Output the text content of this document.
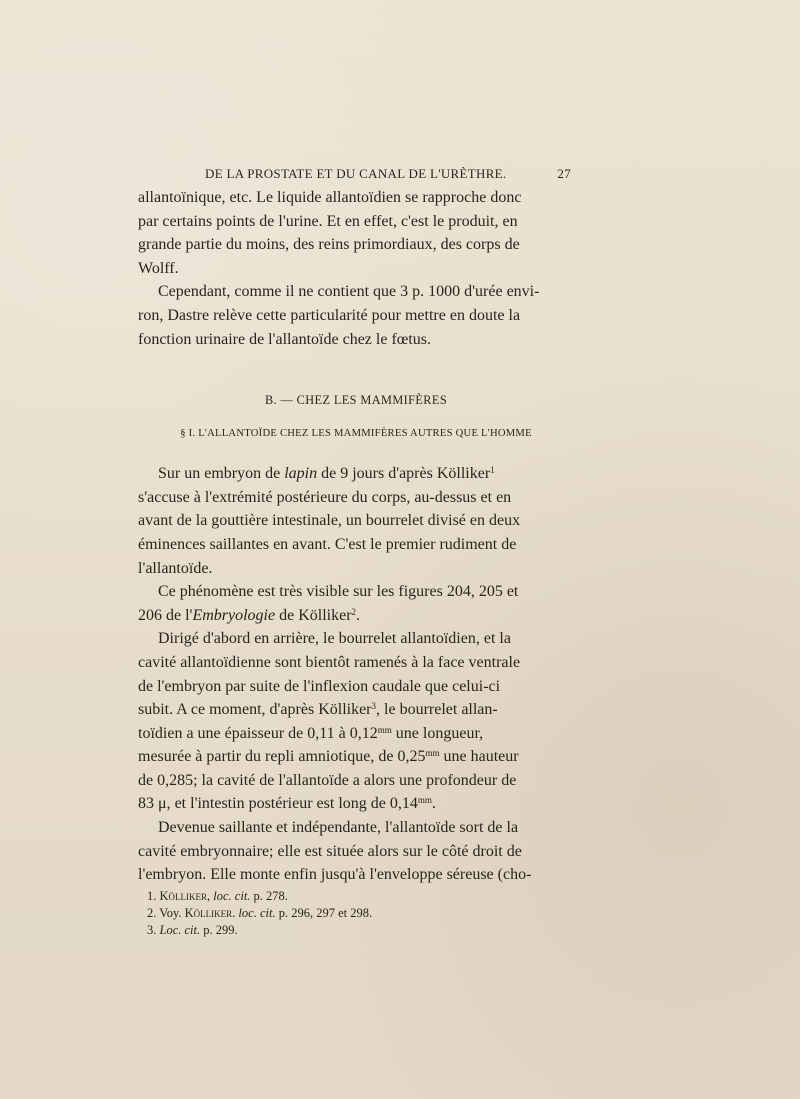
DE LA PROSTATE ET DU CANAL DE L'URÈTHRE.	27

allantoïnique, etc. Le liquide allantoïdien se rapproche donc
par certains points de l'urine. Et en effet, c'est le produit, en
grande partie du moins, des reins primordiaux, des corps de
Wolff.

Cependant, comme il ne contient que 3 p. 1000 d'urée envi-
ron, Dastre relève cette particularité pour mettre en doute la
fonction urinaire de l'allantoïde chez le fœtus.

B. — CHEZ LES MAMMIFÈRES
§ I. L'ALLANTOÏDE CHEZ LES MAMMIFÈRES AUTRES QUE L'HOMME

Sur un embryon de lapin de 9 jours d'après Kölliker$^1$
s'accuse à l'extrémité postérieure du corps, au-dessus et en
avant de la gouttière intestinale, un bourrelet divisé en deux
éminences saillantes en avant. C'est le premier rudiment de
l'allantoïde.

Ce phénomène est très visible sur les figures 204, 205 et
206 de l'Embryologie de Kölliker$^2$.

Dirigé d'abord en arrière, le bourrelet allantoïdien, et la
cavité allantoïdienne sont bientôt ramenés à la face ventrale
de l'embryon par suite de l'inflexion caudale que celui-ci
subit. A ce moment, d'après Kölliker$^3$, le bourrelet allan-
toïdien a une épaisseur de 0,11 à $0,12^{mm}$ une longueur,
mesurée à partir du repli amniotique, de $0,25^{mm}$ une hauteur
de 0,285; la cavité de l'allantoïde a alors une profondeur de
83 μ, et l'intestin postérieur est long de $0,14^{mm}$.

Devenue saillante et indépendante, l'allantoïde sort de la
cavité embryonnaire; elle est située alors sur le côté droit de
l'embryon. Elle monte enfin jusqu'à l'enveloppe séreuse (cho-

1. Kölliker, loc. cit. p. 278.

2. Voy. Kölliker. loc. cit. p. 296, 297 et 298.

3. Loc. cit. p. 299.
